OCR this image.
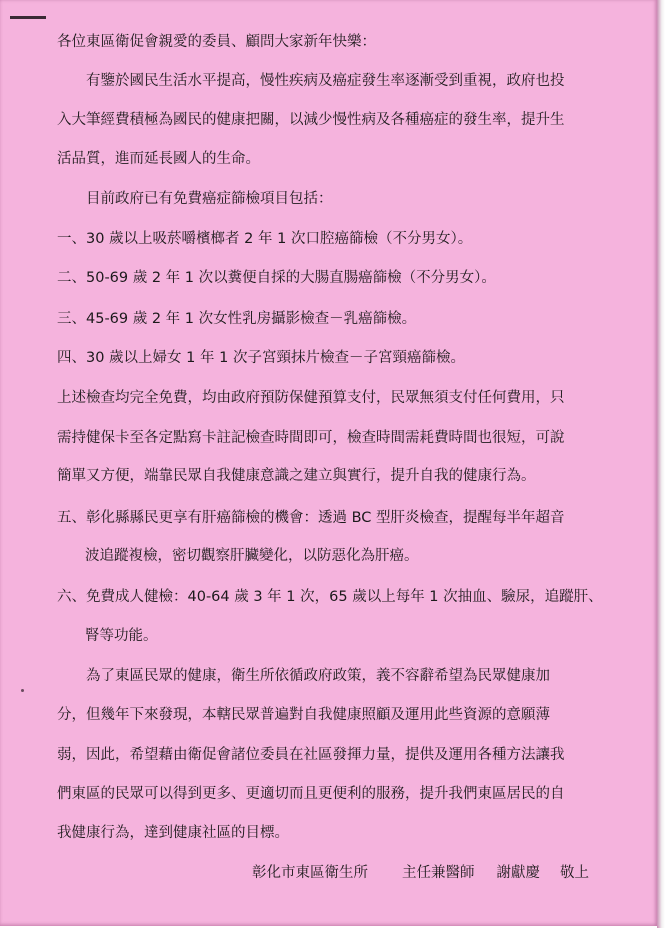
各位東區衛促會親愛的委員、顧問大家新年快樂：

有鑒於國民生活水平提高，慢性疾病及癌症發生率逐漸受到重視，政府也投

入大筆經費積極為國民的健康把關，以減少慢性病及各種癌症的發生率，提升生

活品質，進而延長國人的生命。

目前政府已有免費癌症篩檢項目包括：

一、30 歲以上吸菸嚼檳榔者 2 年 1 次口腔癌篩檢（不分男女）。

二、50-69 歲 2 年 1 次以糞便自採的大腸直腸癌篩檢（不分男女）。

三、45-69 歲 2 年 1 次女性乳房攝影檢查－乳癌篩檢。

四、30 歲以上婦女 1 年 1 次子宮頸抹片檢查－子宮頸癌篩檢。

上述檢查均完全免費，均由政府預防保健預算支付，民眾無須支付任何費用，只

需持健保卡至各定點寫卡註記檢查時間即可，檢查時間需耗費時間也很短，可說

簡單又方便，端靠民眾自我健康意識之建立與實行，提升自我的健康行為。

五、彰化縣縣民更享有肝癌篩檢的機會：透過 BC 型肝炎檢查，提醒每半年超音

波追蹤複檢，密切觀察肝臟變化，以防惡化為肝癌。

六、免費成人健檢：40-64 歲 3 年 1 次，65 歲以上每年 1 次抽血、驗尿，追蹤肝、

腎等功能。

為了東區民眾的健康，衛生所依循政府政策，義不容辭希望為民眾健康加

分，但幾年下來發現，本轄民眾普遍對自我健康照顧及運用此些資源的意願薄

弱，因此，希望藉由衛促會諸位委員在社區發揮力量，提供及運用各種方法讓我

們東區的民眾可以得到更多、更適切而且更便利的服務，提升我們東區居民的自

我健康行為，達到健康社區的目標。

彰化市東區衛生所 主任兼醫師 謝獻慶 敬上
